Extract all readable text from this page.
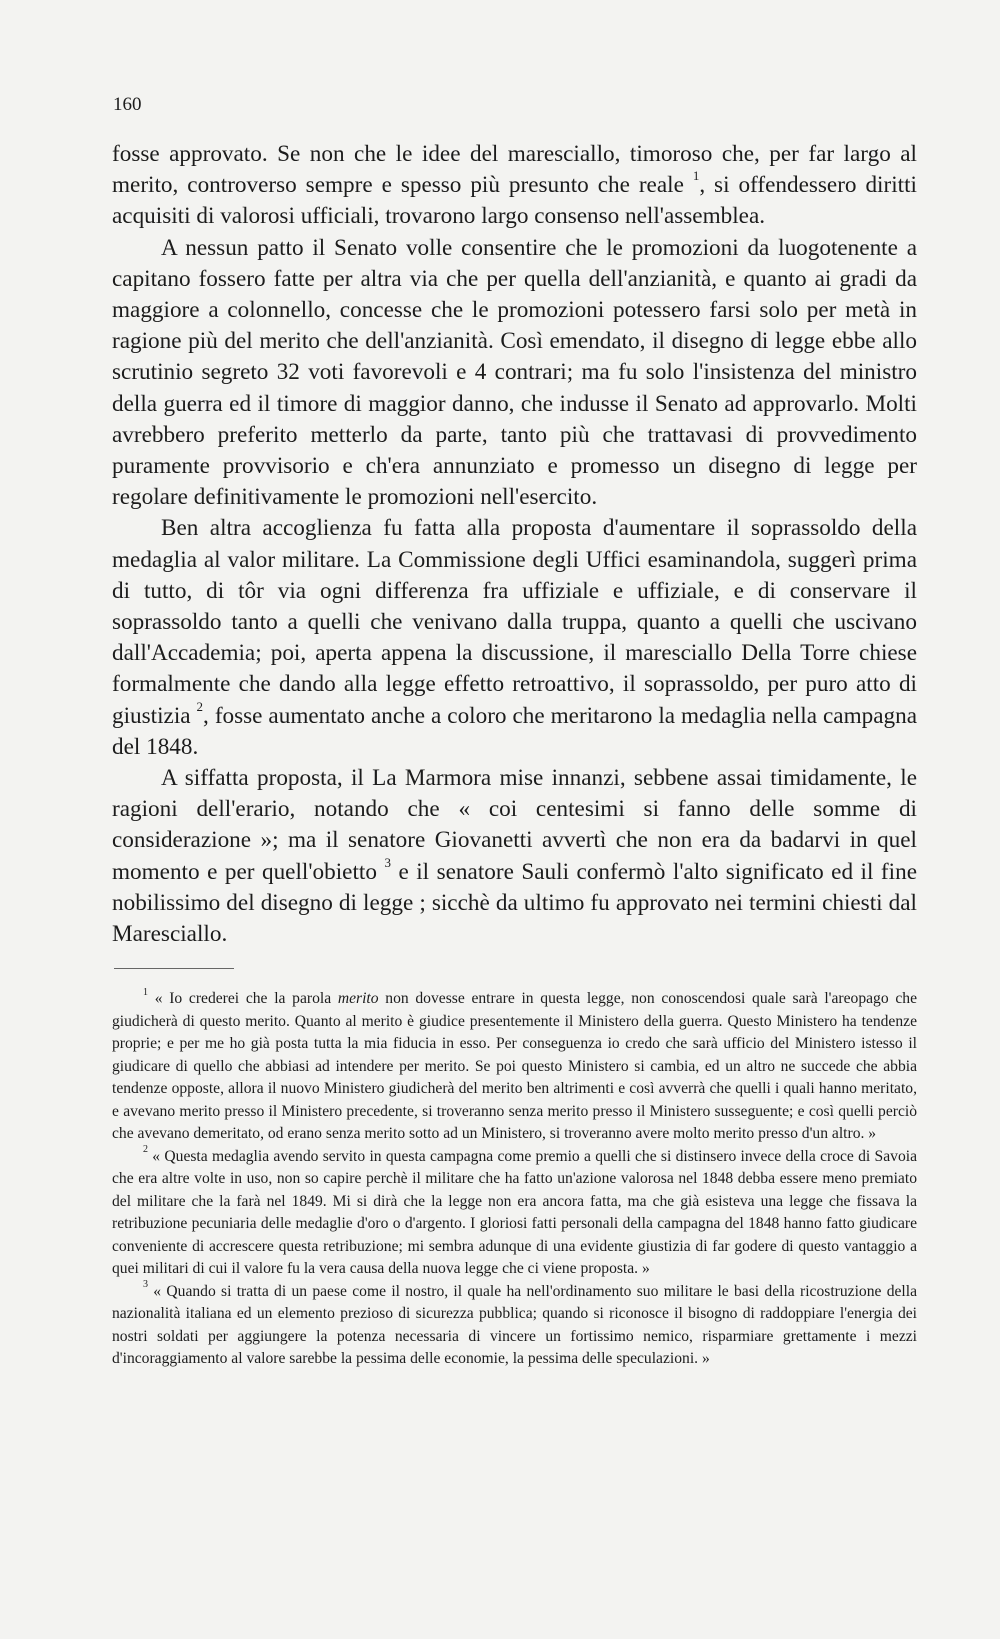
160

fosse approvato. Se non che le idee del maresciallo, timoroso che, per far largo al merito, controverso sempre e spesso più presunto che reale $^1$, si offendessero diritti acquisiti di valorosi ufficiali, trovarono largo consenso nell'assemblea.

A nessun patto il Senato volle consentire che le promozioni da luogotenente a capitano fossero fatte per altra via che per quella dell'anzianità, e quanto ai gradi da maggiore a colonnello, concesse che le promozioni potessero farsi solo per metà in ragione più del merito che dell'anzianità. Così emendato, il disegno di legge ebbe allo scrutinio segreto 32 voti favorevoli e 4 contrari; ma fu solo l'insistenza del ministro della guerra ed il timore di maggior danno, che indusse il Senato ad approvarlo. Molti avrebbero preferito metterlo da parte, tanto più che trattavasi di provvedimento puramente provvisorio e ch'era annunziato e promesso un disegno di legge per regolare definitivamente le promozioni nell'esercito.

Ben altra accoglienza fu fatta alla proposta d'aumentare il soprassoldo della medaglia al valor militare. La Commissione degli Uffici esaminandola, suggerì prima di tutto, di tôr via ogni differenza fra uffiziale e uffiziale, e di conservare il soprassoldo tanto a quelli che venivano dalla truppa, quanto a quelli che uscivano dall'Accademia; poi, aperta appena la discussione, il maresciallo Della Torre chiese formalmente che dando alla legge effetto retroattivo, il soprassoldo, per puro atto di giustizia $^2$, fosse aumentato anche a coloro che meritarono la medaglia nella campagna del 1848.

A siffatta proposta, il La Marmora mise innanzi, sebbene assai timidamente, le ragioni dell'erario, notando che « coi centesimi si fanno delle somme di considerazione »; ma il senatore Giovanetti avvertì che non era da badarvi in quel momento e per quell'obietto $^3$ e il senatore Sauli confermò l'alto significato ed il fine nobilissimo del disegno di legge ; sicchè da ultimo fu approvato nei termini chiesti dal Maresciallo.

$^1$ « Io crederei che la parola merito non dovesse entrare in questa legge, non conoscendosi quale sarà l'areopago che giudicherà di questo merito. Quanto al merito è giudice presentemente il Ministero della guerra. Questo Ministero ha tendenze proprie; e per me ho già posta tutta la mia fiducia in esso. Per conseguenza io credo che sarà ufficio del Ministero istesso il giudicare di quello che abbiasi ad intendere per merito. Se poi questo Ministero si cambia, ed un altro ne succede che abbia tendenze opposte, allora il nuovo Ministero giudicherà del merito ben altrimenti e così avverrà che quelli i quali hanno meritato, e avevano merito presso il Ministero precedente, si troveranno senza merito presso il Ministero susseguente; e così quelli perciò che avevano demeritato, od erano senza merito sotto ad un Ministero, si troveranno avere molto merito presso d'un altro. »

$^2$ « Questa medaglia avendo servito in questa campagna come premio a quelli che si distinsero invece della croce di Savoia che era altre volte in uso, non so capire perchè il militare che ha fatto un'azione valorosa nel 1848 debba essere meno premiato del militare che la farà nel 1849. Mi si dirà che la legge non era ancora fatta, ma che già esisteva una legge che fissava la retribuzione pecuniaria delle medaglie d'oro o d'argento. I gloriosi fatti personali della campagna del 1848 hanno fatto giudicare conveniente di accrescere questa retribuzione; mi sembra adunque di una evidente giustizia di far godere di questo vantaggio a quei militari di cui il valore fu la vera causa della nuova legge che ci viene proposta. »

$^3$ « Quando si tratta di un paese come il nostro, il quale ha nell'ordinamento suo militare le basi della ricostruzione della nazionalità italiana ed un elemento prezioso di sicurezza pubblica; quando si riconosce il bisogno di raddoppiare l'energia dei nostri soldati per aggiungere la potenza necessaria di vincere un fortissimo nemico, risparmiare grettamente i mezzi d'incoraggiamento al valore sarebbe la pessima delle economie, la pessima delle speculazioni. »
